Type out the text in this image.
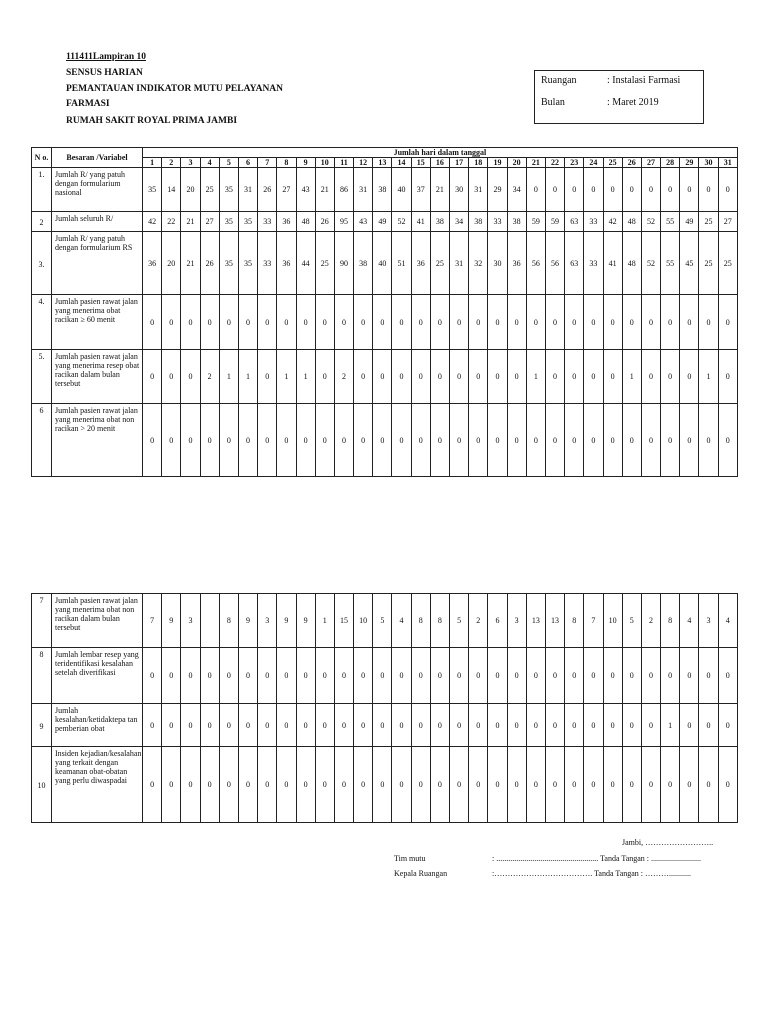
111411Lampiran 10
SENSUS HARIAN
PEMANTAUAN INDIKATOR MUTU PELAYANAN
FARMASI
RUMAH SAKIT ROYAL PRIMA JAMBI
Ruangan	: Instalasi Farmasi
Bulan	: Maret 2019
N o.	Besaran /Variabel	Jumlah hari dalam tanggal																														
		1	2	3	4	5	6	7	8	9	10	11	12	13	14	15	16	17	18	19	20	21	22	23	24	25	26	27	28	29	30	31
1.	Jumlah R/ yang patuh dengan formularium nasional	35	14	20	25	35	31	26	27	43	21	86	31	38	40	37	21	30	31	29	34	0	0	0	0	0	0	0	0	0	0	0
2	Jumlah seluruh R/	42	22	21	27	35	35	33	36	48	26	95	43	49	52	41	38	34	38	33	38	59	59	63	33	42	48	52	55	49	25	27
3.	Jumlah R/ yang patuh dengan formularium RS	36	20	21	26	35	35	33	36	44	25	90	38	40	51	36	25	31	32	30	36	56	56	63	33	41	48	52	55	45	25	25
4.	Jumlah pasien rawat jalan yang menerima obat racikan ≥ 60 menit	0	0	0	0	0	0	0	0	0	0	0	0	0	0	0	0	0	0	0	0	0	0	0	0	0	0	0	0	0	0	0
5.	Jumlah pasien rawat jalan yang menerima resep obat racikan dalam bulan tersebut	0	0	0	2	1	1	0	1	1	0	2	0	0	0	0	0	0	0	0	0	1	0	0	0	0	1	0	0	0	1	0
6	Jumlah pasien rawat jalan yang menerima obat non racikan > 20 menit	0	0	0	0	0	0	0	0	0	0	0	0	0	0	0	0	0	0	0	0	0	0	0	0	0	0	0	0	0	0	0
7	Jumlah pasien rawat jalan yang menerima obat non racikan dalam bulan tersebut	7	9	3		8	9	3	9	9	1	15	10	5	4	8	8	5	2	6	3	13	13	8	7	10	5	2	8	4	3	4
8	Jumlah lembar resep yang teridentifikasi kesalahan setelah diverifikasi	0	0	0	0	0	0	0	0	0	0	0	0	0	0	0	0	0	0	0	0	0	0	0	0	0	0	0	0	0	0	0
9	Jumlah kesalahan/ketidaktepa tan pemberian obat	0	0	0	0	0	0	0	0	0	0	0	0	0	0	0	0	0	0	0	0	0	0	0	0	0	0	0	1	0	0	0
10	Insiden kejadian/kesalahan yang terkait dengan keamanan obat-obatan yang perlu diwaspadai	0	0	0	0	0	0	0	0	0	0	0	0	0	0	0	0	0	0	0	0	0	0	0	0	0	0	0	0	0	0	0
Jambi, ……………………..
Tim mutu	: ................................................... Tanda Tangan : .........................
Kepala Ruangan	:………………………………. Tanda Tangan : ………...........
